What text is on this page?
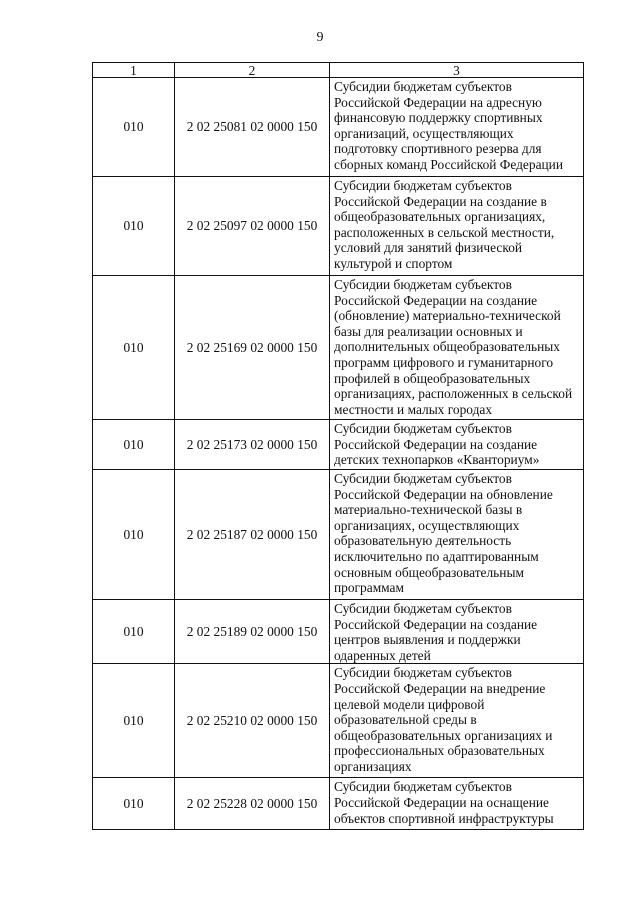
9
1	2	3
010	2 02 25081 02 0000 150	Субсидии бюджетам субъектов Российской Федерации на адресную финансовую поддержку спортивных организаций, осуществляющих подготовку спортивного резерва для сборных команд Российской Федерации
010	2 02 25097 02 0000 150	Субсидии бюджетам субъектов Российской Федерации на создание в общеобразовательных организациях, расположенных в сельской местности, условий для занятий физической культурой и спортом
010	2 02 25169 02 0000 150	Субсидии бюджетам субъектов Российской Федерации на создание (обновление) материально-технической базы для реализации основных и дополнительных общеобразовательных программ цифрового и гуманитарного профилей в общеобразовательных организациях, расположенных в сельской местности и малых городах
010	2 02 25173 02 0000 150	Субсидии бюджетам субъектов Российской Федерации на создание детских технопарков «Кванториум»
010	2 02 25187 02 0000 150	Субсидии бюджетам субъектов Российской Федерации на обновление материально-технической базы в организациях, осуществляющих образовательную деятельность исключительно по адаптированным основным общеобразовательным программам
010	2 02 25189 02 0000 150	Субсидии бюджетам субъектов Российской Федерации на создание центров выявления и поддержки одаренных детей
010	2 02 25210 02 0000 150	Субсидии бюджетам субъектов Российской Федерации на внедрение целевой модели цифровой образовательной среды в общеобразовательных организациях и профессиональных образовательных организациях
010	2 02 25228 02 0000 150	Субсидии бюджетам субъектов Российской Федерации на оснащение объектов спортивной инфраструктуры
